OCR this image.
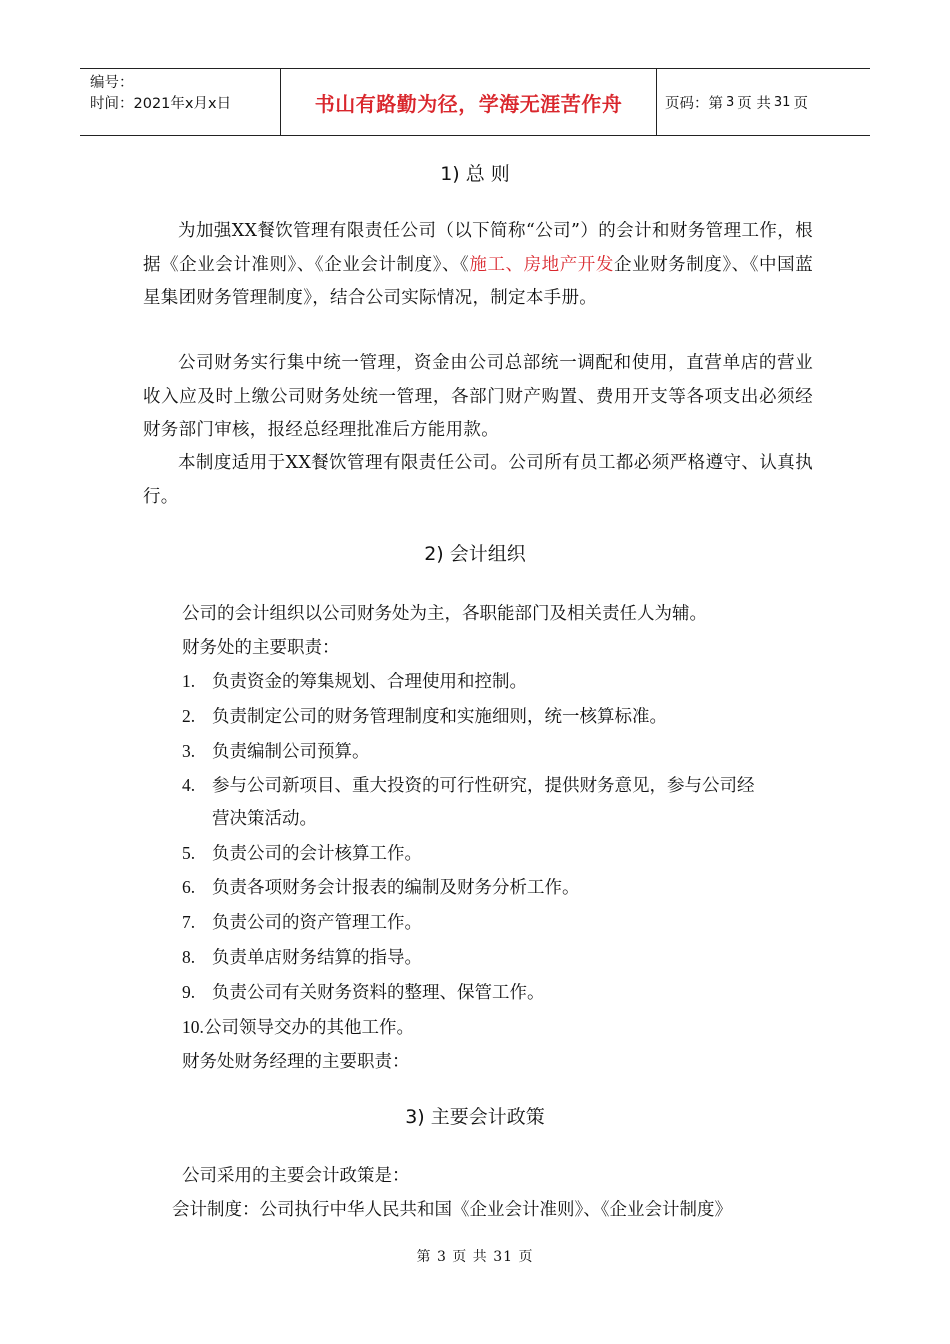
编号：
时间：2021年x月x日	书山有路勤为径，学海无涯苦作舟	页码：第 3 页 共 31 页
1) 总 则

为加强XX餐饮管理有限责任公司（以下简称“公司”）的会计和财务管理工作，根据《企业会计准则》、《企业会计制度》、《施工、房地产开发企业财务制度》、《中国蓝星集团财务管理制度》，结合公司实际情况，制定本手册。

公司财务实行集中统一管理，资金由公司总部统一调配和使用，直营单店的营业收入应及时上缴公司财务处统一管理，各部门财产购置、费用开支等各项支出必须经财务部门审核，报经总经理批准后方能用款。

本制度适用于XX餐饮管理有限责任公司。公司所有员工都必须严格遵守、认真执行。

2) 会计组织
公司的会计组织以公司财务处为主，各职能部门及相关责任人为辅。
财务处的主要职责：
1. 负责资金的筹集规划、合理使用和控制。
2. 负责制定公司的财务管理制度和实施细则，统一核算标准。
3. 负责编制公司预算。
4. 参与公司新项目、重大投资的可行性研究，提供财务意见，参与公司经
营决策活动。
5. 负责公司的会计核算工作。
6. 负责各项财务会计报表的编制及财务分析工作。
7. 负责公司的资产管理工作。
8. 负责单店财务结算的指导。
9. 负责公司有关财务资料的整理、保管工作。
10.公司领导交办的其他工作。
财务处财务经理的主要职责：
3) 主要会计政策
公司采用的主要会计政策是：
会计制度：公司执行中华人民共和国《企业会计准则》、《企业会计制度》
第 3 页 共 31 页
